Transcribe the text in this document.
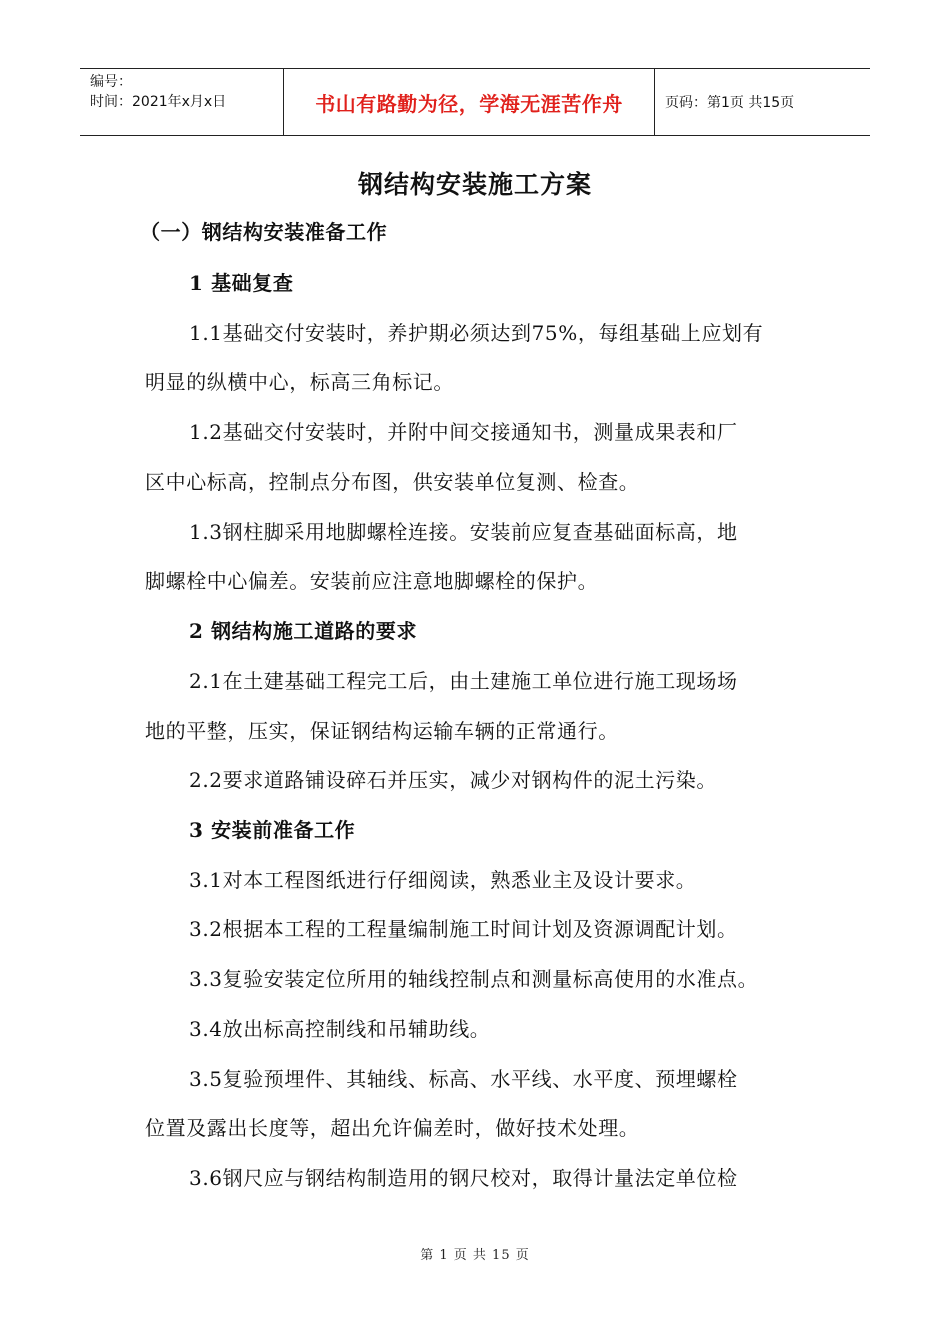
编号：
时间：2021年x月x日	书山有路勤为径，学海无涯苦作舟	页码：第1页 共15页
钢结构安装施工方案
（一）钢结构安装准备工作
1 基础复查
1.1基础交付安装时，养护期必须达到75%，每组基础上应划有
明显的纵横中心，标高三角标记。
1.2基础交付安装时，并附中间交接通知书，测量成果表和厂
区中心标高，控制点分布图，供安装单位复测、检查。
1.3钢柱脚采用地脚螺栓连接。安装前应复查基础面标高，地
脚螺栓中心偏差。安装前应注意地脚螺栓的保护。
2 钢结构施工道路的要求
2.1在土建基础工程完工后，由土建施工单位进行施工现场场
地的平整，压实，保证钢结构运输车辆的正常通行。
2.2要求道路铺设碎石并压实，减少对钢构件的泥土污染。
3 安装前准备工作
3.1对本工程图纸进行仔细阅读，熟悉业主及设计要求。
3.2根据本工程的工程量编制施工时间计划及资源调配计划。
3.3复验安装定位所用的轴线控制点和测量标高使用的水准点。
3.4放出标高控制线和吊辅助线。
3.5复验预埋件、其轴线、标高、水平线、水平度、预埋螺栓
位置及露出长度等，超出允许偏差时，做好技术处理。
3.6钢尺应与钢结构制造用的钢尺校对，取得计量法定单位检
第 1 页 共 15 页
